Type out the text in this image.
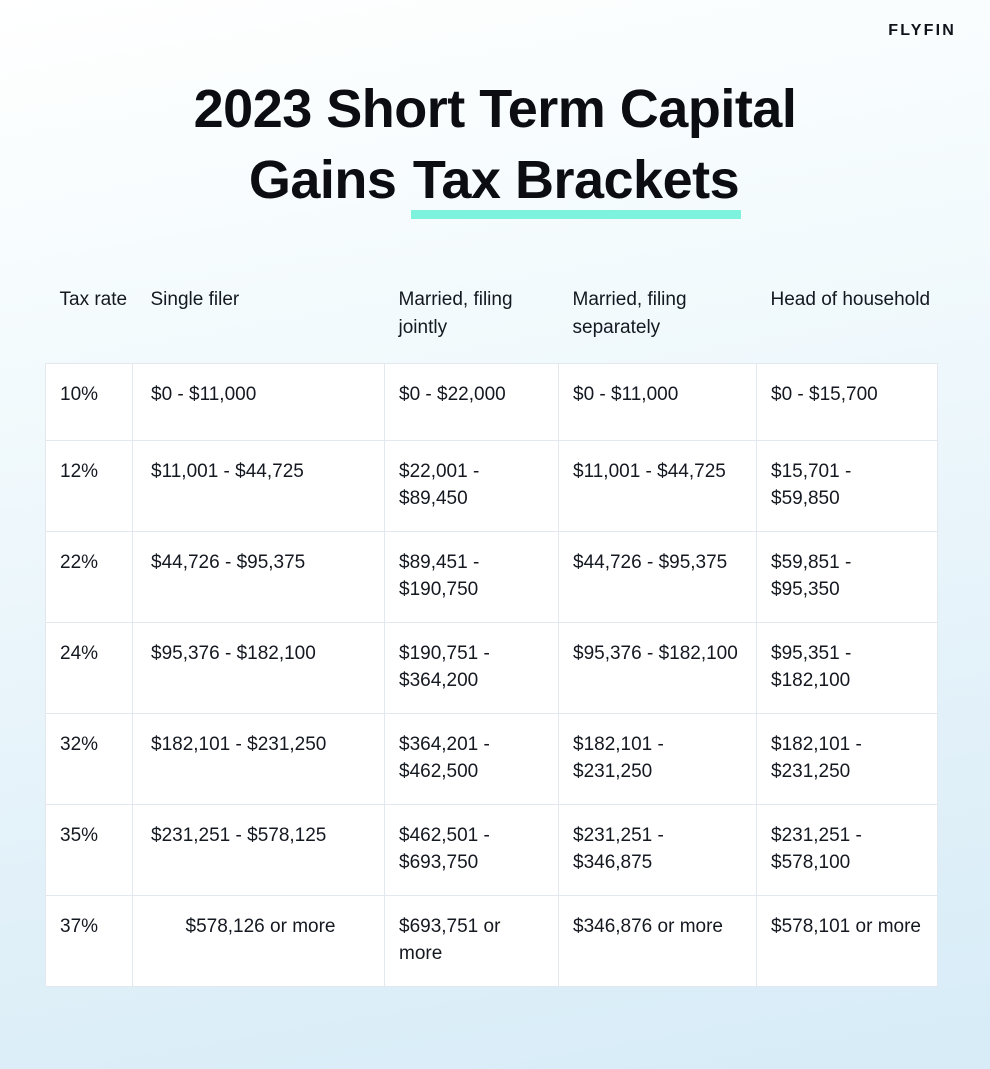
FLYFIN
2023 Short Term Capital
Gains Tax Brackets
Tax rate	Single filer	Married, filing jointly	Married, filing separately	Head of household
10%	$0 - $11,000	$0 - $22,000	$0 - $11,000	$0 - $15,700
12%	$11,001 - $44,725	$22,001 - $89,450	$11,001 - $44,725	$15,701 - $59,850
22%	$44,726 - $95,375	$89,451 - $190,750	$44,726 - $95,375	$59,851 - $95,350
24%	$95,376 - $182,100	$190,751 - $364,200	$95,376 - $182,100	$95,351 - $182,100
32%	$182,101 - $231,250	$364,201 - $462,500	$182,101 - $231,250	$182,101 - $231,250
35%	$231,251 - $578,125	$462,501 - $693,750	$231,251 - $346,875	$231,251 - $578,100
37%	$578,126 or more	$693,751 or more	$346,876 or more	$578,101 or more
